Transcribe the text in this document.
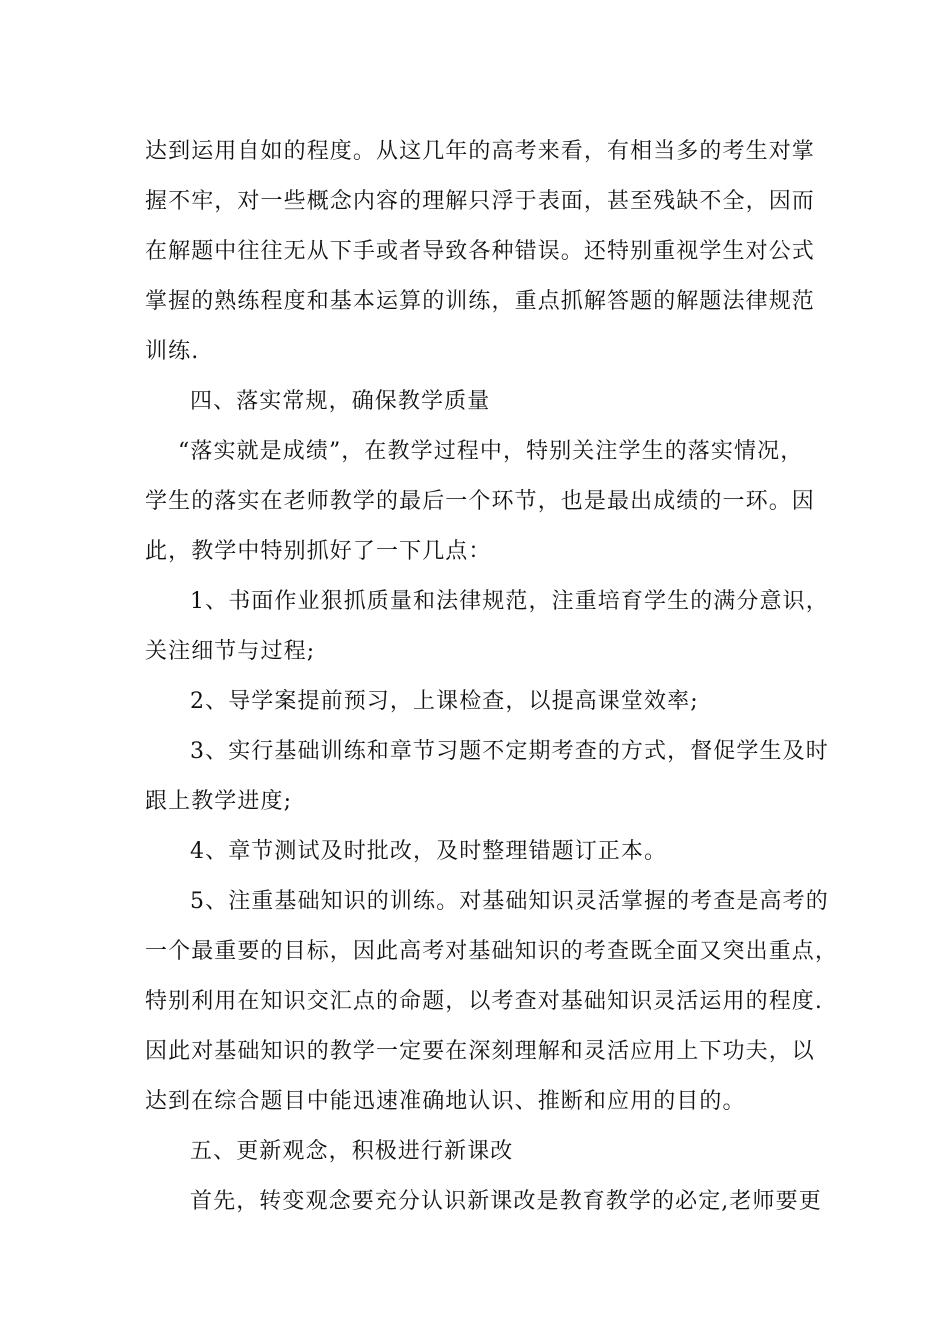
达到运用自如的程度。从这几年的高考来看，有相当多的考生对掌
握不牢，对一些概念内容的理解只浮于表面，甚至残缺不全，因而
在解题中往往无从下手或者导致各种错误。还特别重视学生对公式
掌握的熟练程度和基本运算的训练，重点抓解答题的解题法律规范
训练.
四、落实常规，确保教学质量
“落实就是成绩”，在教学过程中，特别关注学生的落实情况，
学生的落实在老师教学的最后一个环节，也是最出成绩的一环。因
此，教学中特别抓好了一下几点：
1、书面作业狠抓质量和法律规范，注重培育学生的满分意识，
关注细节与过程;
2、导学案提前预习，上课检查，以提高课堂效率;
3、实行基础训练和章节习题不定期考查的方式，督促学生及时
跟上教学进度;
4、章节测试及时批改，及时整理错题订正本。
5、注重基础知识的训练。对基础知识灵活掌握的考查是高考的
一个最重要的目标，因此高考对基础知识的考查既全面又突出重点，
特别利用在知识交汇点的命题，以考查对基础知识灵活运用的程度.
因此对基础知识的教学一定要在深刻理解和灵活应用上下功夫，以
达到在综合题目中能迅速准确地认识、推断和应用的目的。
五、更新观念，积极进行新课改
首先，转变观念要充分认识新课改是教育教学的必定,老师要更
